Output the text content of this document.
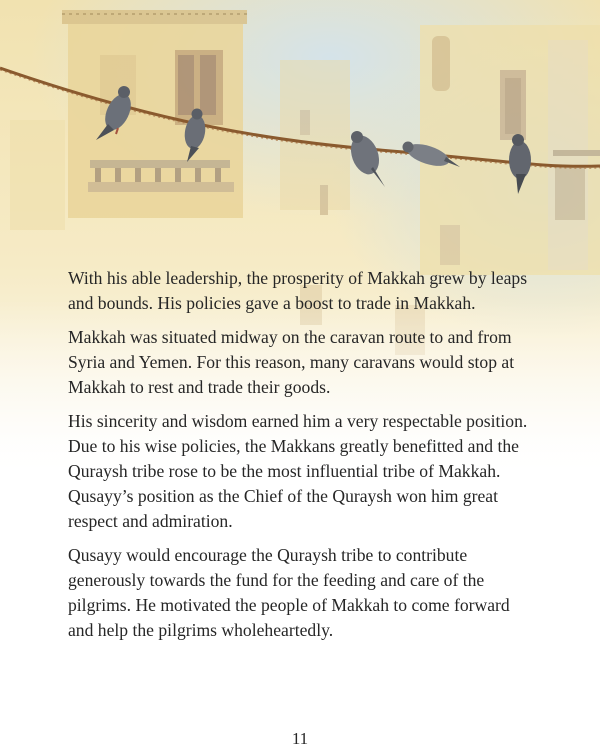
With his able leadership, the prosperity of Makkah grew by leaps and bounds. His policies gave a boost to trade in Makkah.

Makkah was situated midway on the caravan route to and from Syria and Yemen. For this reason, many caravans would stop at Makkah to rest and trade their goods.

His sincerity and wisdom earned him a very respectable position. Due to his wise policies, the Makkans greatly benefitted and the Quraysh tribe rose to be the most influential tribe of Makkah. Qusayy’s position as the Chief of the Quraysh won him great respect and admiration.

Qusayy would encourage the Quraysh tribe to contribute generously towards the fund for the feeding and care of the pilgrims. He motivated the people of Makkah to come forward and help the pilgrims wholeheartedly.

11
